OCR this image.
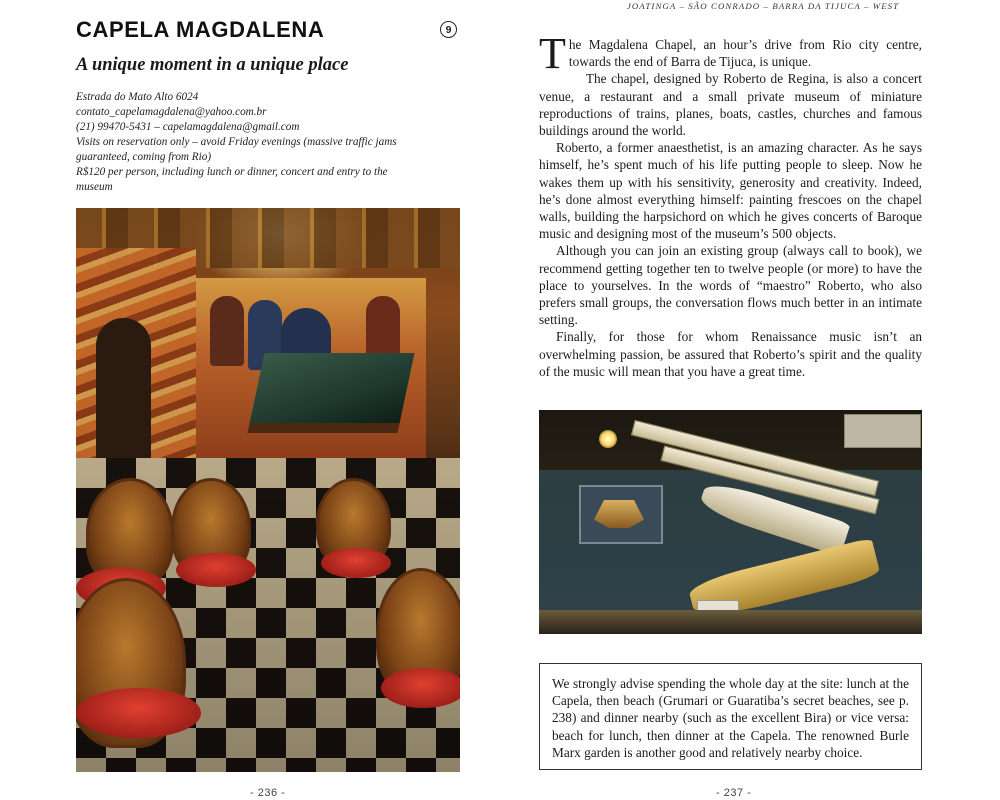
CAPELA MAGDALENA	9
A unique moment in a unique place
Estrada do Mato Alto 6024
contato_capelamagdalena@yahoo.com.br
(21) 99470-5431 – capelamagdalena@gmail.com
Visits on reservation only – avoid Friday evenings (massive traffic jams
guaranteed, coming from Rio)
R$120 per person, including lunch or dinner, concert and entry to the
museum
- 236 -
JOATINGA – SÃO CONRADO – BARRA DA TIJUCA – WEST

The Magdalena Chapel, an hour’s drive from Rio city centre, towards the end of Barra de Tijuca, is unique.

The chapel, designed by Roberto de Regina, is also a concert venue, a restaurant and a small private museum of miniature reproductions of trains, planes, boats, castles, churches and famous buildings around the world.

Roberto, a former anaesthetist, is an amazing character. As he says himself, he’s spent much of his life putting people to sleep. Now he wakes them up with his sensitivity, generosity and creativity. Indeed, he’s done almost everything himself: painting frescoes on the chapel walls, building the harpsichord on which he gives concerts of Baroque music and designing most of the museum’s 500 objects.

Although you can join an existing group (always call to book), we recommend getting together ten to twelve people (or more) to have the place to yourselves. In the words of “maestro” Roberto, who also prefers small groups, the conversation flows much better in an intimate setting.

Finally, for those for whom Renaissance music isn’t an overwhelming passion, be assured that Roberto’s spirit and the quality of the music will mean that you have a great time.

We strongly advise spending the whole day at the site: lunch at the Capela, then beach (Grumari or Guaratiba’s secret beaches, see p. 238) and dinner nearby (such as the excellent Bira) or vice versa: beach for lunch, then dinner at the Capela. The renowned Burle Marx garden is another good and relatively nearby choice.
- 237 -
